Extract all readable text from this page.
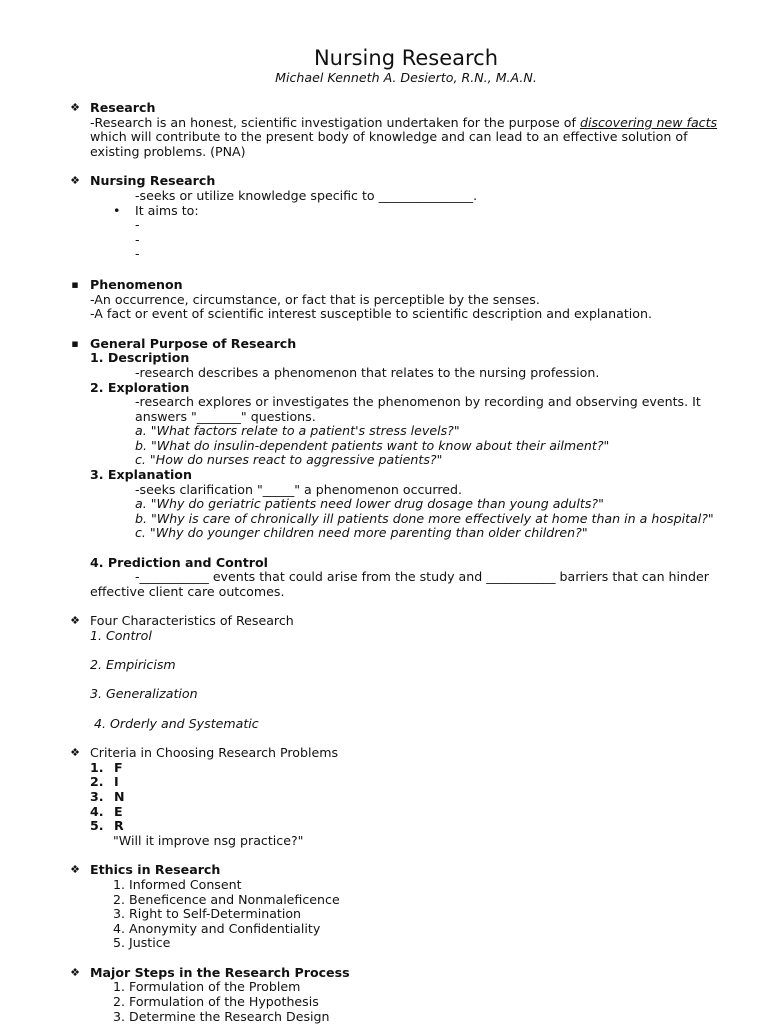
Nursing Research
Michael Kenneth A. Desierto, R.N., M.A.N.
❖ Research
-Research is an honest, scientific investigation undertaken for the purpose of discovering new facts
which will contribute to the present body of knowledge and can lead to an effective solution of
existing problems. (PNA)
❖ Nursing Research
-seeks or utilize knowledge specific to _______________.
• It aims to:
-
-
-
▪ Phenomenon
-An occurrence, circumstance, or fact that is perceptible by the senses.
-A fact or event of scientific interest susceptible to scientific description and explanation.
▪ General Purpose of Research
1. Description
-research describes a phenomenon that relates to the nursing profession.
2. Exploration
-research explores or investigates the phenomenon by recording and observing events. It
answers "_______" questions.
a. "What factors relate to a patient's stress levels?"
b. "What do insulin-dependent patients want to know about their ailment?"
c. "How do nurses react to aggressive patients?"
3. Explanation
-seeks clarification "_____" a phenomenon occurred.
a. "Why do geriatric patients need lower drug dosage than young adults?"
b. "Why is care of chronically ill patients done more effectively at home than in a hospital?"
c. "Why do younger children need more parenting than older children?"
4. Prediction and Control
-___________ events that could arise from the study and ___________ barriers that can hinder
effective client care outcomes.
❖ Four Characteristics of Research
1. Control
2. Empiricism
3. Generalization
4. Orderly and Systematic
❖ Criteria in Choosing Research Problems
1. F
2. I
3. N
4. E
5. R
"Will it improve nsg practice?"
❖ Ethics in Research
1. Informed Consent
2. Beneficence and Nonmaleficence
3. Right to Self-Determination
4. Anonymity and Confidentiality
5. Justice
❖ Major Steps in the Research Process
1. Formulation of the Problem
2. Formulation of the Hypothesis
3. Determine the Research Design
